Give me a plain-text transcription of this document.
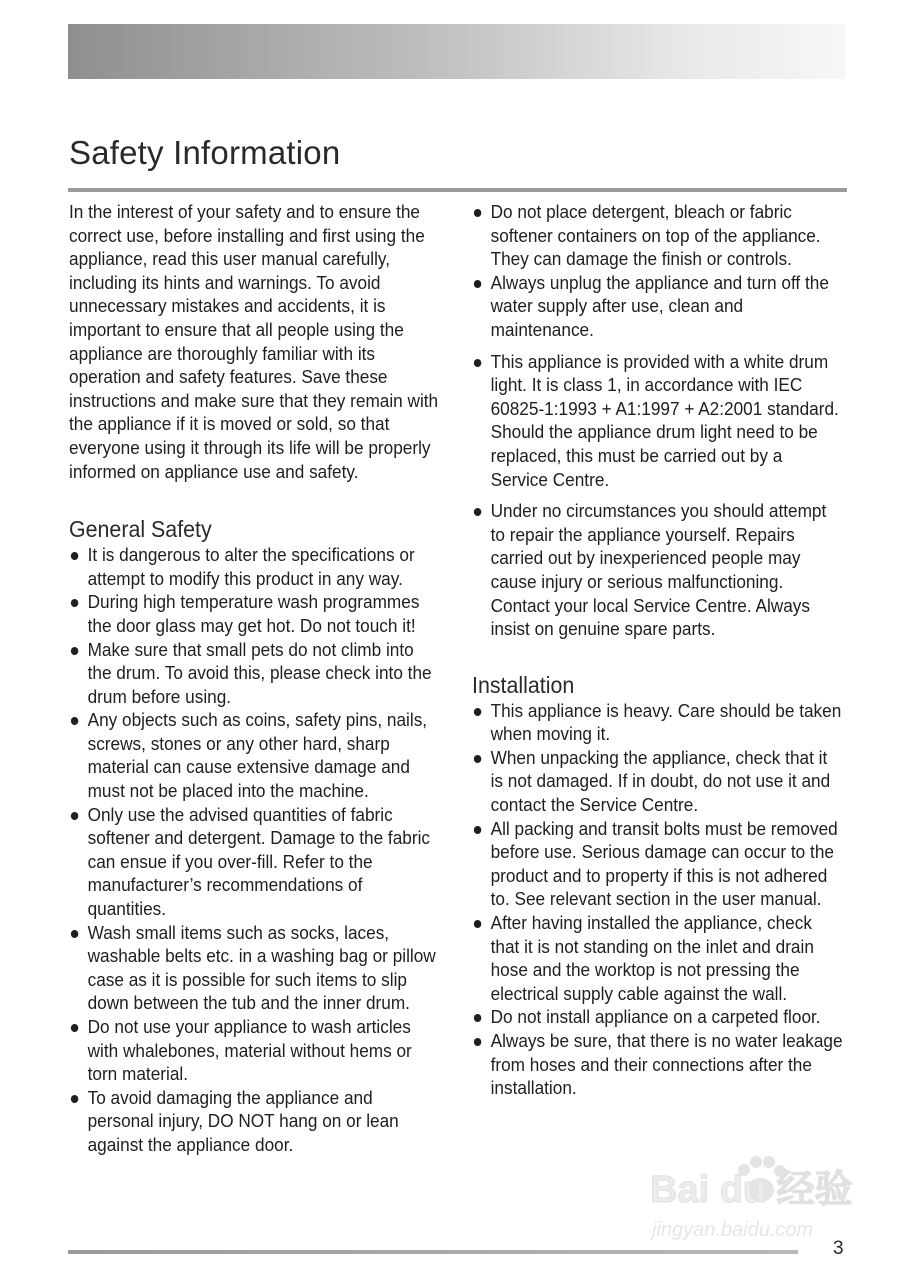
Safety Information

In the interest of your safety and to ensure the correct use, before installing and first using the appliance, read this user manual carefully, including its hints and warnings. To avoid unnecessary mistakes and accidents, it is important to ensure that all people using the appliance are thoroughly familiar with its operation and safety features. Save these instructions and make sure that they remain with the appliance if it is moved or sold, so that everyone using it through its life will be properly informed on appliance use and safety.

General Safety
It is dangerous to alter the specifications or attempt to modify this product in any way.
During high temperature wash programmes the door glass may get hot. Do not touch it!
Make sure that small pets do not climb into the drum. To avoid this, please check into the drum before using.
Any objects such as coins, safety pins, nails, screws, stones or any other hard, sharp material can cause extensive damage and must not be placed into the machine.
Only use the advised quantities of fabric softener and detergent. Damage to the fabric can ensue if you over-fill. Refer to the manufacturer’s recommendations of quantities.
Wash small items such as socks, laces, washable belts etc. in a washing bag or pillow case as it is possible for such items to slip down between the tub and the inner drum.
Do not use your appliance to wash articles with whalebones, material without hems or torn material.
To avoid damaging the appliance and personal injury, DO NOT hang on or lean against the appliance door.
Do not place detergent, bleach or fabric softener containers on top of the appliance. They can damage the finish or controls.
Always unplug the appliance and turn off the water supply after use, clean and maintenance.
This appliance is provided with a white drum light. It is class 1, in accordance with IEC 60825-1:1993 + A1:1997 + A2:2001 standard. Should the appliance drum light need to be replaced, this must be carried out by a Service Centre.
Under no circumstances you should attempt to repair the appliance yourself. Repairs carried out by inexperienced people may cause injury or serious malfunctioning. Contact your local Service Centre. Always insist on genuine spare parts.
Installation
This appliance is heavy. Care should be taken when moving it.
When unpacking the appliance, check that it is not damaged. If in doubt, do not use it and contact the Service Centre.
All packing and transit bolts must be removed before use. Serious damage can occur to the product and to property if this is not adhered to. See relevant section in the user manual.
After having installed the appliance, check that it is not standing on the inlet and drain hose and the worktop is not pressing the electrical supply cable against the wall.
Do not install appliance on a carpeted floor.
Always be sure, that there is no water leakage from hoses and their connections after the installation.
Bai du 经验
jingyan.baidu.com
3
